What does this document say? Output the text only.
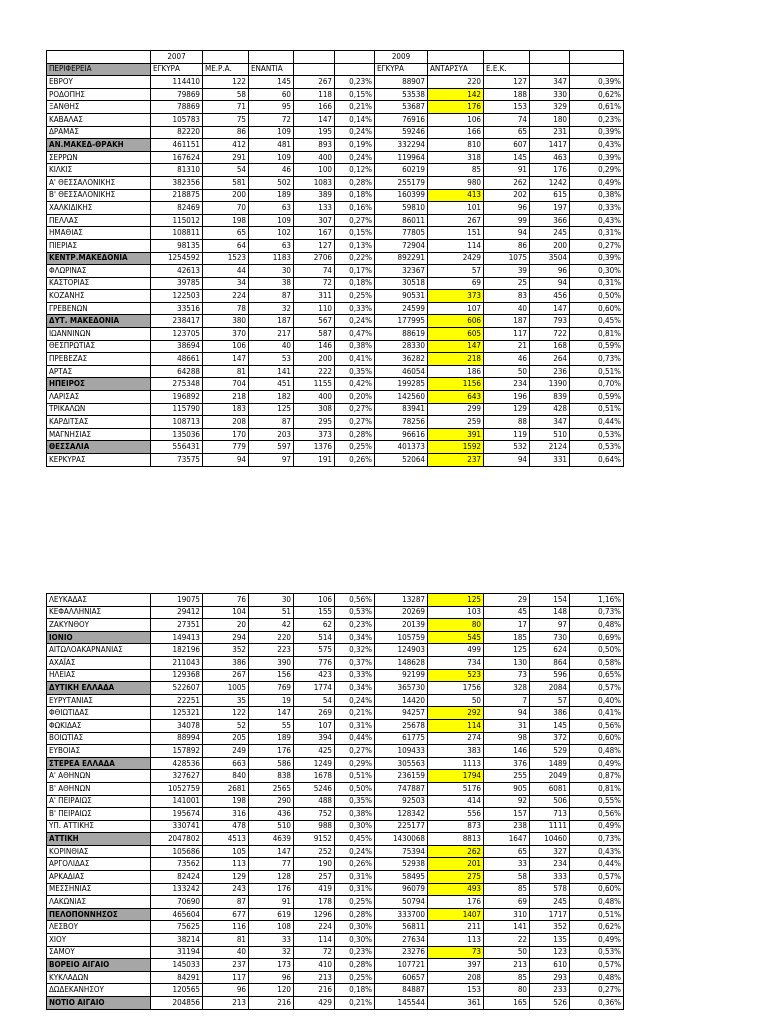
	2007					2009				
ΠΕΡΙΦΕΡΕΙΑ	ΕΓΚΥΡΑ	ΜΕ.Ρ.Α.	ΕΝΑΝΤΙΑ			ΕΓΚΥΡΑ	ΑΝΤΑΡΣΥΑ	Ε.Ε.Κ.		
ΕΒΡΟΥ	114410	122	145	267	0,23%	88907	220	127	347	0,39%
ΡΟΔΟΠΗΣ	79869	58	60	118	0,15%	53538	142	188	330	0,62%
ΞΑΝΘΗΣ	78869	71	95	166	0,21%	53687	176	153	329	0,61%
ΚΑΒΑΛΑΣ	105783	75	72	147	0,14%	76916	106	74	180	0,23%
ΔΡΑΜΑΣ	82220	86	109	195	0,24%	59246	166	65	231	0,39%
ΑΝ.ΜΑΚΕΔ-ΘΡΑΚΗ	461151	412	481	893	0,19%	332294	810	607	1417	0,43%
ΣΕΡΡΩΝ	167624	291	109	400	0,24%	119964	318	145	463	0,39%
ΚΙΛΚΙΣ	81310	54	46	100	0,12%	60219	85	91	176	0,29%
Α' ΘΕΣΣΑΛΟΝΙΚΗΣ	382356	581	502	1083	0,28%	255179	980	262	1242	0,49%
Β' ΘΕΣΣΑΛΟΝΙΚΗΣ	218875	200	189	389	0,18%	160399	413	202	615	0,38%
ΧΑΛΚΙΔΙΚΗΣ	82469	70	63	133	0,16%	59810	101	96	197	0,33%
ΠΕΛΛΑΣ	115012	198	109	307	0,27%	86011	267	99	366	0,43%
ΗΜΑΘΙΑΣ	108811	65	102	167	0,15%	77805	151	94	245	0,31%
ΠΙΕΡΙΑΣ	98135	64	63	127	0,13%	72904	114	86	200	0,27%
ΚΕΝΤΡ.ΜΑΚΕΔΟΝΙΑ	1254592	1523	1183	2706	0,22%	892291	2429	1075	3504	0,39%
ΦΛΩΡΙΝΑΣ	42613	44	30	74	0,17%	32367	57	39	96	0,30%
ΚΑΣΤΟΡΙΑΣ	39785	34	38	72	0,18%	30518	69	25	94	0,31%
ΚΟΖΑΝΗΣ	122503	224	87	311	0,25%	90531	373	83	456	0,50%
ΓΡΕΒΕΝΩΝ	33516	78	32	110	0,33%	24599	107	40	147	0,60%
ΔΥΤ. ΜΑΚΕΔΟΝΙΑ	238417	380	187	567	0,24%	177995	606	187	793	0,45%
ΙΩΑΝΝΙΝΩΝ	123705	370	217	587	0,47%	88619	605	117	722	0,81%
ΘΕΣΠΡΩΤΙΑΣ	38694	106	40	146	0,38%	28330	147	21	168	0,59%
ΠΡΕΒΕΖΑΣ	48661	147	53	200	0,41%	36282	218	46	264	0,73%
ΑΡΤΑΣ	64288	81	141	222	0,35%	46054	186	50	236	0,51%
ΗΠΕΙΡΟΣ	275348	704	451	1155	0,42%	199285	1156	234	1390	0,70%
ΛΑΡΙΣΑΣ	196892	218	182	400	0,20%	142560	643	196	839	0,59%
ΤΡΙΚΑΛΩΝ	115790	183	125	308	0,27%	83941	299	129	428	0,51%
ΚΑΡΔΙΤΣΑΣ	108713	208	87	295	0,27%	78256	259	88	347	0,44%
ΜΑΓΝΗΣΙΑΣ	135036	170	203	373	0,28%	96616	391	119	510	0,53%
ΘΕΣΣΑΛΙΑ	556431	779	597	1376	0,25%	401373	1592	532	2124	0,53%
ΚΕΡΚΥΡΑΣ	73575	94	97	191	0,26%	52064	237	94	331	0,64%
ΛΕΥΚΑΔΑΣ	19075	76	30	106	0,56%	13287	125	29	154	1,16%
ΚΕΦΑΛΛΗΝΙΑΣ	29412	104	51	155	0,53%	20269	103	45	148	0,73%
ΖΑΚΥΝΘΟΥ	27351	20	42	62	0,23%	20139	80	17	97	0,48%
ΙΟΝΙΟ	149413	294	220	514	0,34%	105759	545	185	730	0,69%
ΑΙΤΩΛΟΑΚΑΡΝΑΝΙΑΣ	182196	352	223	575	0,32%	124903	499	125	624	0,50%
ΑΧΑΪΑΣ	211043	386	390	776	0,37%	148628	734	130	864	0,58%
ΗΛΕΙΑΣ	129368	267	156	423	0,33%	92199	523	73	596	0,65%
ΔΥΤΙΚΗ ΕΛΛΑΔΑ	522607	1005	769	1774	0,34%	365730	1756	328	2084	0,57%
ΕΥΡΥΤΑΝΙΑΣ	22251	35	19	54	0,24%	14420	50	7	57	0,40%
ΦΘΙΩΤΙΔΑΣ	125321	122	147	269	0,21%	94257	292	94	386	0,41%
ΦΩΚΙΔΑΣ	34078	52	55	107	0,31%	25678	114	31	145	0,56%
ΒΟΙΩΤΙΑΣ	88994	205	189	394	0,44%	61775	274	98	372	0,60%
ΕΥΒΟΙΑΣ	157892	249	176	425	0,27%	109433	383	146	529	0,48%
ΣΤΕΡΕΑ ΕΛΛΑΔΑ	428536	663	586	1249	0,29%	305563	1113	376	1489	0,49%
Α' ΑΘΗΝΩΝ	327627	840	838	1678	0,51%	236159	1794	255	2049	0,87%
Β' ΑΘΗΝΩΝ	1052759	2681	2565	5246	0,50%	747887	5176	905	6081	0,81%
Α' ΠΕΙΡΑΙΩΣ	141001	198	290	488	0,35%	92503	414	92	506	0,55%
Β' ΠΕΙΡΑΙΩΣ	195674	316	436	752	0,38%	128342	556	157	713	0,56%
ΥΠ. ΑΤΤΙΚΗΣ	330741	478	510	988	0,30%	225177	873	238	1111	0,49%
ΑΤΤΙΚΗ	2047802	4513	4639	9152	0,45%	1430068	8813	1647	10460	0,73%
ΚΟΡΙΝΘΙΑΣ	105686	105	147	252	0,24%	75394	262	65	327	0,43%
ΑΡΓΟΛΙΔΑΣ	73562	113	77	190	0,26%	52938	201	33	234	0,44%
ΑΡΚΑΔΙΑΣ	82424	129	128	257	0,31%	58495	275	58	333	0,57%
ΜΕΣΣΗΝΙΑΣ	133242	243	176	419	0,31%	96079	493	85	578	0,60%
ΛΑΚΩΝΙΑΣ	70690	87	91	178	0,25%	50794	176	69	245	0,48%
ΠΕΛΟΠΟΝΝΗΣΟΣ	465604	677	619	1296	0,28%	333700	1407	310	1717	0,51%
ΛΕΣΒΟΥ	75625	116	108	224	0,30%	56811	211	141	352	0,62%
ΧΙΟΥ	38214	81	33	114	0,30%	27634	113	22	135	0,49%
ΣΑΜΟΥ	31194	40	32	72	0,23%	23276	73	50	123	0,53%
ΒΟΡΕΙΟ ΑΙΓΑΙΟ	145033	237	173	410	0,28%	107721	397	213	610	0,57%
ΚΥΚΛΑΔΩΝ	84291	117	96	213	0,25%	60657	208	85	293	0,48%
ΔΩΔΕΚΑΝΗΣΟΥ	120565	96	120	216	0,18%	84887	153	80	233	0,27%
ΝΟΤΙΟ ΑΙΓΑΙΟ	204856	213	216	429	0,21%	145544	361	165	526	0,36%
